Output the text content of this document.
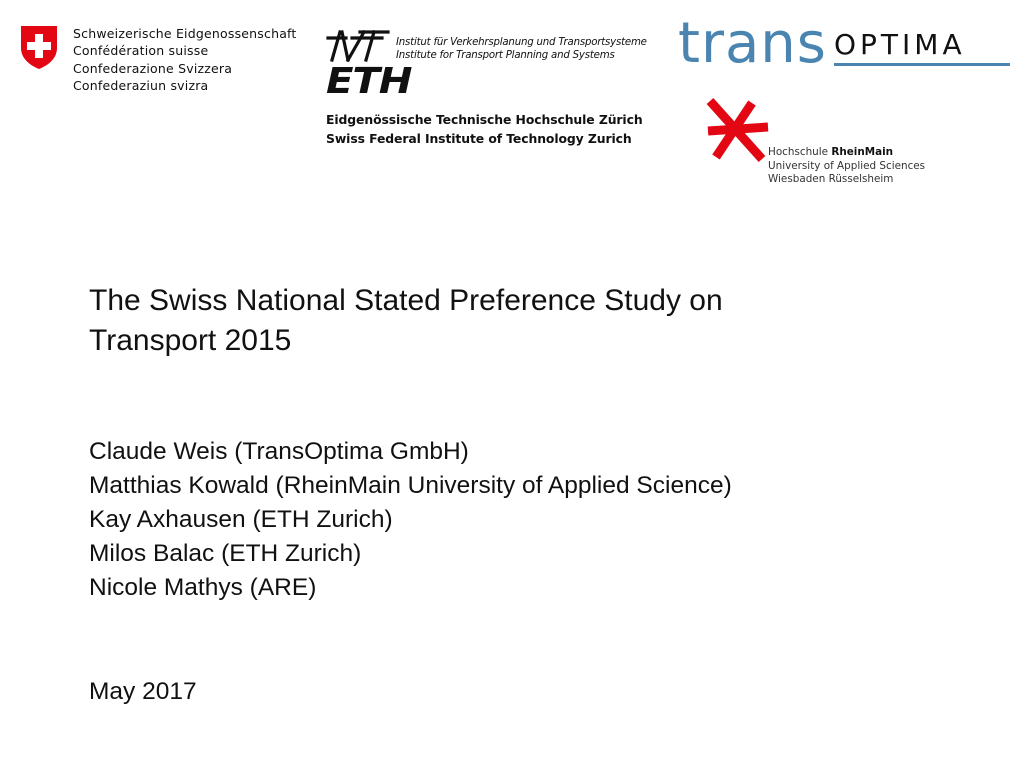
Schweizerische Eidgenossenschaft
Confédération suisse
Confederazione Svizzera
Confederaziun svizra
Institut für Verkehrsplanung und Transportsysteme
Institute for Transport Planning and Systems
ETH
Eidgenössische Technische Hochschule Zürich
Swiss Federal Institute of Technology Zurich
trans OPTIMA
Hochschule RheinMain
University of Applied Sciences
Wiesbaden Rüsselsheim
The Swiss National Stated Preference Study on
Transport 2015
Claude Weis (TransOptima GmbH)
Matthias Kowald (RheinMain University of Applied Science)
Kay Axhausen (ETH Zurich)
Milos Balac (ETH Zurich)
Nicole Mathys (ARE)
May 2017
